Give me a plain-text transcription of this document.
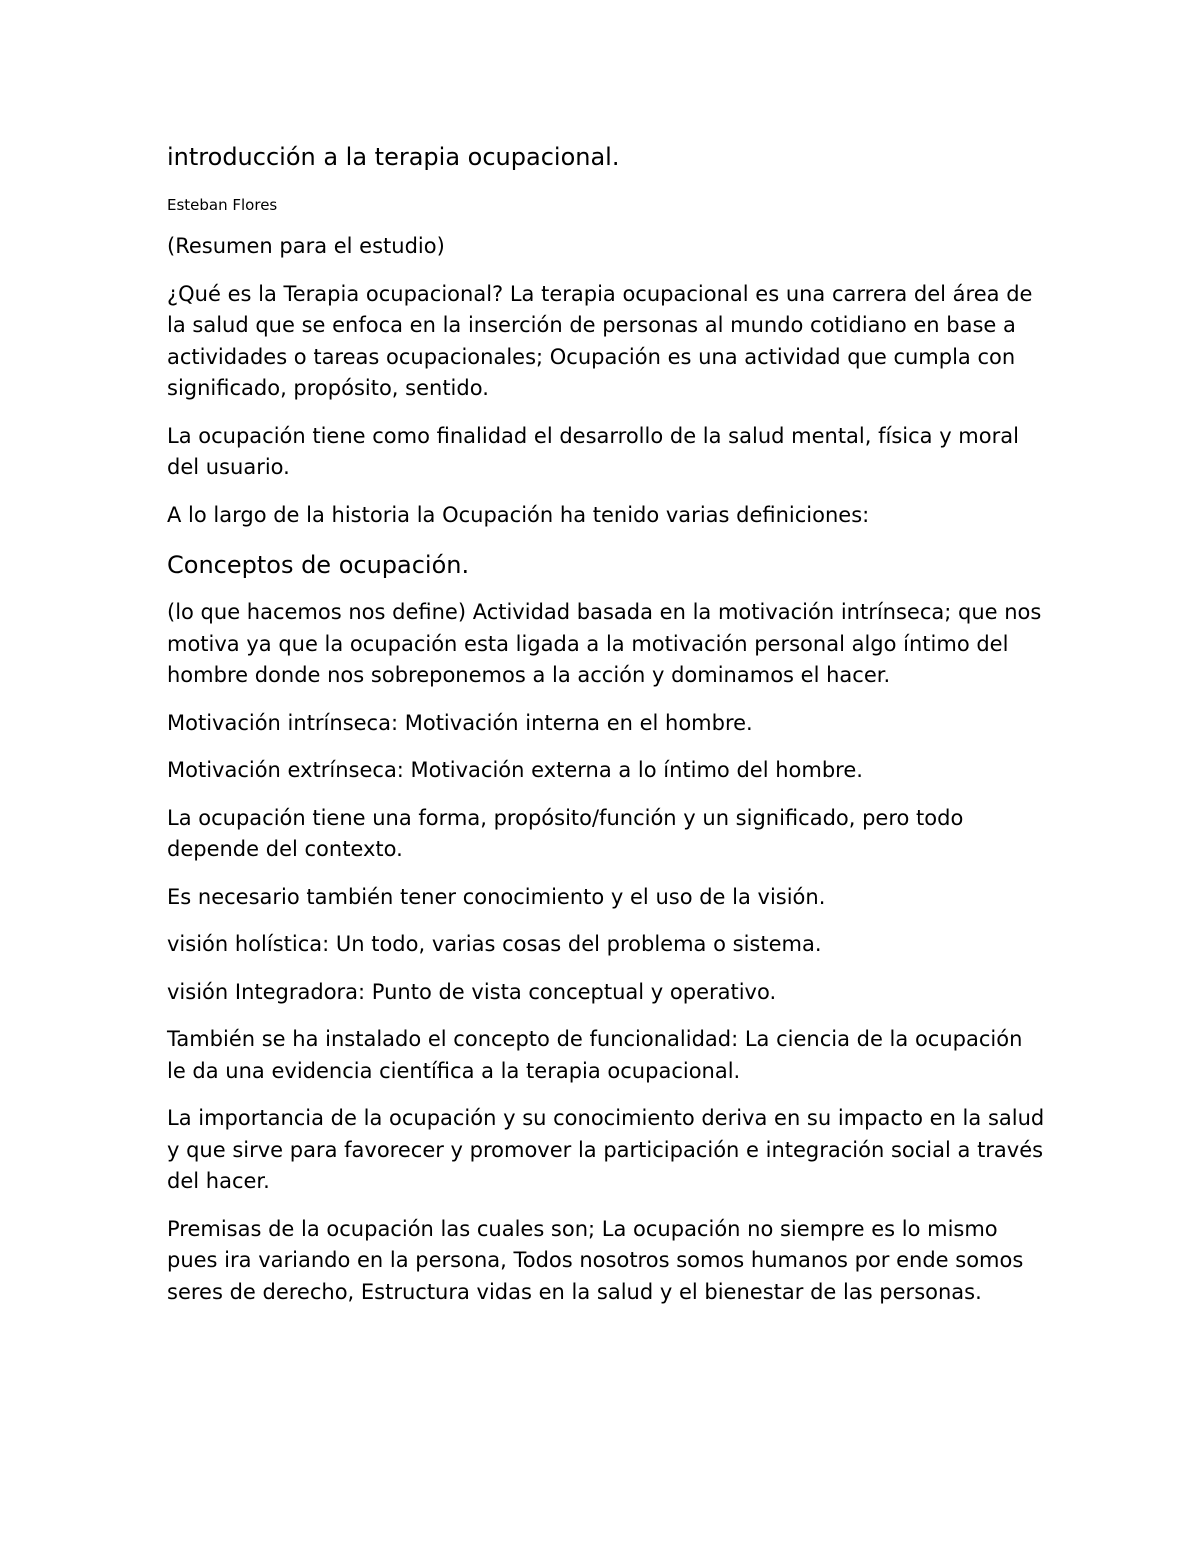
introducción a la terapia ocupacional.

Esteban Flores

(Resumen para el estudio)

¿Qué es la Terapia ocupacional? La terapia ocupacional es una carrera del área de la salud que se enfoca en la inserción de personas al mundo cotidiano en base a actividades o tareas ocupacionales; Ocupación es una actividad que cumpla con significado, propósito, sentido.

La ocupación tiene como finalidad el desarrollo de la salud mental, física y moral del usuario.

A lo largo de la historia la Ocupación ha tenido varias definiciones:

Conceptos de ocupación.

(lo que hacemos nos define) Actividad basada en la motivación intrínseca; que nos motiva ya que la ocupación esta ligada a la motivación personal algo íntimo del hombre donde nos sobreponemos a la acción y dominamos el hacer.

Motivación intrínseca: Motivación interna en el hombre.

Motivación extrínseca: Motivación externa a lo íntimo del hombre.

La ocupación tiene una forma, propósito/función y un significado, pero todo depende del contexto.

Es necesario también tener conocimiento y el uso de la visión.

visión holística: Un todo, varias cosas del problema o sistema.

visión Integradora: Punto de vista conceptual y operativo.

También se ha instalado el concepto de funcionalidad: La ciencia de la ocupación le da una evidencia científica a la terapia ocupacional.

La importancia de la ocupación y su conocimiento deriva en su impacto en la salud y que sirve para favorecer y promover la participación e integración social a través del hacer.

Premisas de la ocupación las cuales son; La ocupación no siempre es lo mismo pues ira variando en la persona, Todos nosotros somos humanos por ende somos seres de derecho, Estructura vidas en la salud y el bienestar de las personas.
